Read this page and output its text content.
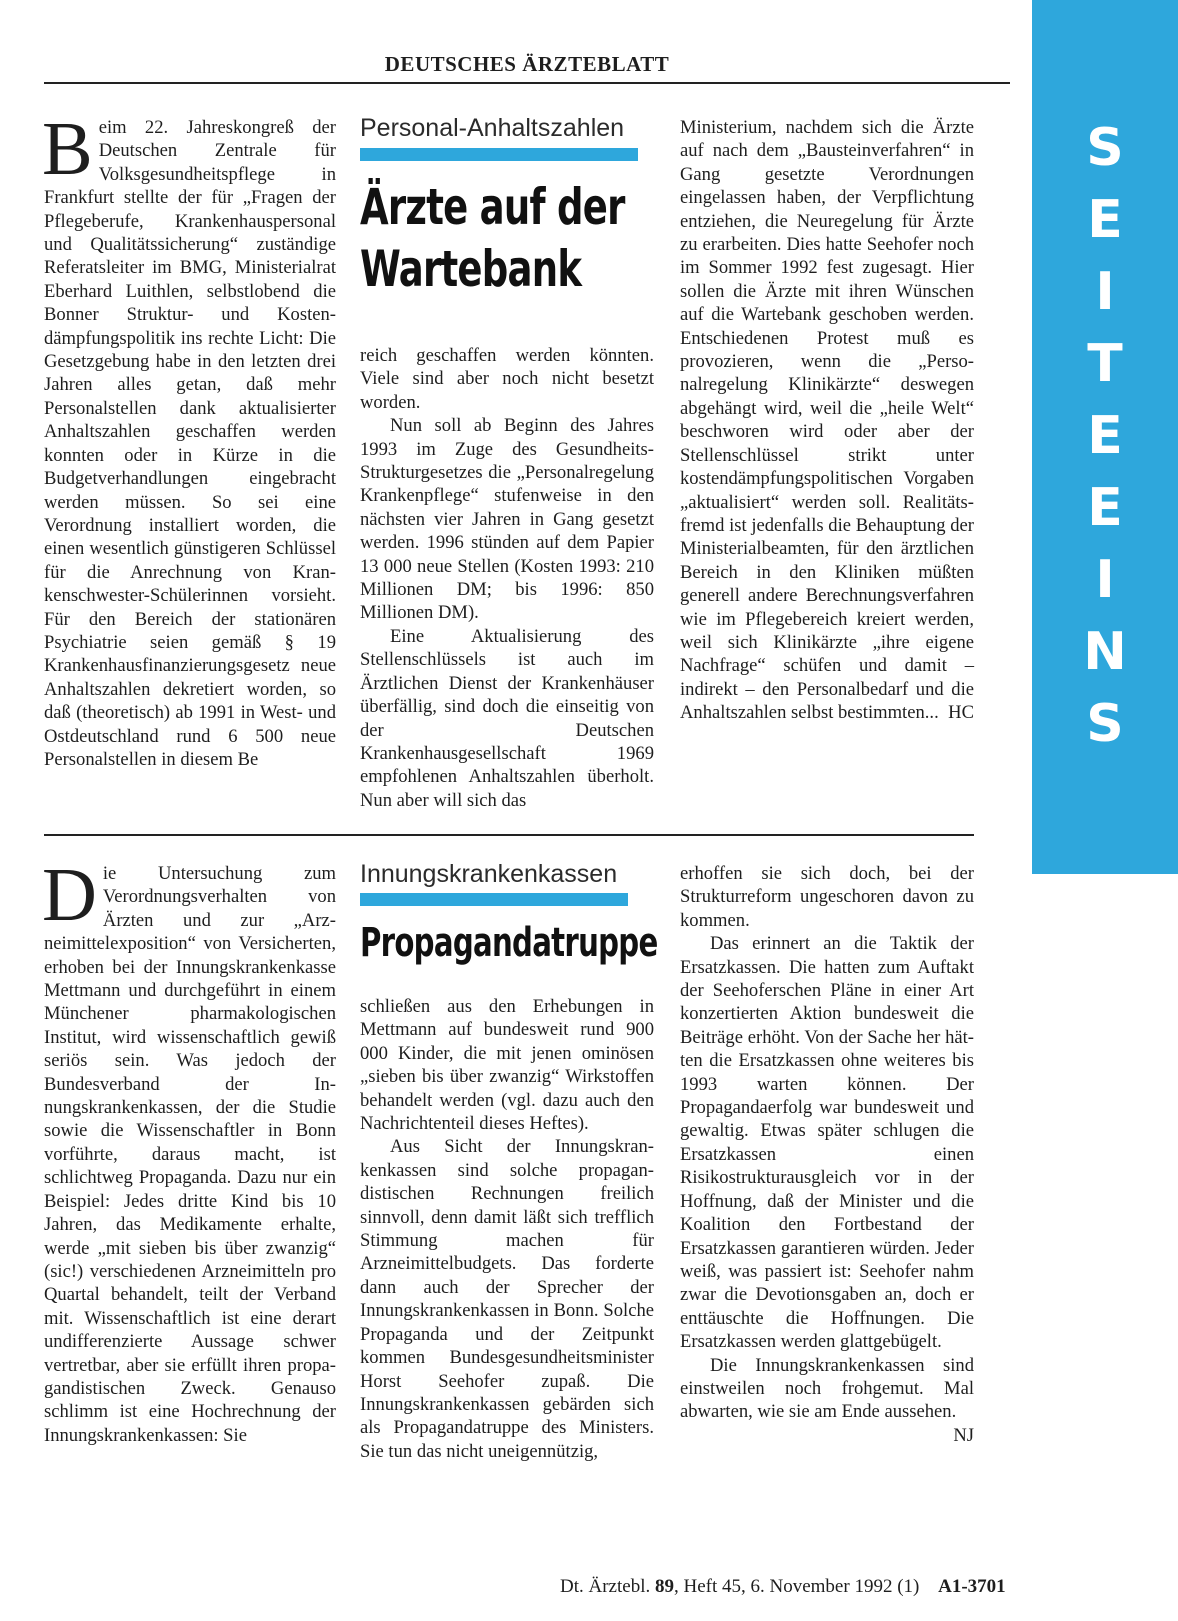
DEUTSCHES ÄRZTEBLATT
S
E
I
T
E
E
I
N
S

Beim 22. Jahreskongreß der Deutschen Zentrale für Volksgesundheitspflege in Frankfurt stellte der für „Fragen der Pflegeberufe, Krankenhauspersonal und Qualitätssicherung“ zuständige Referatsleiter im BMG, Ministerialrat Eberhard Luithlen, selbstlobend die Bonner Struktur- und Kostendämpfungspolitik ins rechte Licht: Die Gesetzgebung habe in den letzten drei Jahren alles getan, daß mehr Personalstellen dank aktualisierter Anhaltszahlen geschaffen werden konnten oder in Kürze in die Budgetverhandlungen eingebracht werden müssen. So sei eine Verordnung installiert worden, die einen wesentlich günstigeren Schlüssel für die Anrechnung von Krankenschwester-Schülerinnen vorsieht. Für den Bereich der stationären Psychiatrie seien gemäß § 19 Krankenhausfinanzierungsgesetz neue Anhaltszahlen dekretiert worden, so daß (theoretisch) ab 1991 in West- und Ostdeutschland rund 6 500 neue Personalstellen in diesem Be

Personal-Anhaltszahlen
Ärzte auf der
Wartebank

reich geschaffen werden könnten. Viele sind aber noch nicht besetzt worden.

Nun soll ab Beginn des Jahres 1993 im Zuge des Gesundheits-Strukturgesetzes die „Personalregelung Krankenpflege“ stufenweise in den nächsten vier Jahren in Gang gesetzt werden. 1996 stünden auf dem Papier 13 000 neue Stellen (Kosten 1993: 210 Millionen DM; bis 1996: 850 Millionen DM).

Eine Aktualisierung des Stellenschlüssels ist auch im Ärztlichen Dienst der Krankenhäuser überfällig, sind doch die einseitig von der Deutschen Krankenhausgesellschaft 1969 empfohlenen Anhaltszahlen überholt. Nun aber will sich das

Ministerium, nachdem sich die Ärzte auf nach dem „Bausteinverfahren“ in Gang gesetzte Verordnungen eingelassen haben, der Verpflichtung entziehen, die Neuregelung für Ärzte zu erarbeiten. Dies hatte Seehofer noch im Sommer 1992 fest zugesagt. Hier sollen die Ärzte mit ihren Wünschen auf die Wartebank geschoben werden. Entschiedenen Protest muß es provozieren, wenn die „Personalregelung Klinikärzte“ deswegen abgehängt wird, weil die „heile Welt“ beschworen wird oder aber der Stellenschlüssel strikt unter kostendämpfungspolitischen Vorgaben „aktualisiert“ werden soll. Realitätsfremd ist jedenfalls die Behauptung der Ministerialbeamten, für den ärztlichen Bereich in den Kliniken müßten generell andere Berechnungsverfahren wie im Pflegebereich kreiert werden, weil sich Klinikärzte „ihre eigene Nachfrage“ schüfen und damit – indirekt – den Personalbedarf und die Anhaltszahlen selbst bestimmten... HC

Die Untersuchung zum Verordnungsverhalten von Ärzten und zur „Arzneimittelexposition“ von Versicherten, erhoben bei der Innungskrankenkasse Mettmann und durchgeführt in einem Münchener pharmakologischen Institut, wird wissenschaftlich gewiß seriös sein. Was jedoch der Bundesverband der Innungskrankenkassen, der die Studie sowie die Wissenschaftler in Bonn vorführte, daraus macht, ist schlichtweg Propaganda. Dazu nur ein Beispiel: Jedes dritte Kind bis 10 Jahren, das Medikamente erhalte, werde „mit sieben bis über zwanzig“ (sic!) verschiedenen Arzneimitteln pro Quartal behandelt, teilt der Verband mit. Wissenschaftlich ist eine derart undifferenzierte Aussage schwer vertretbar, aber sie erfüllt ihren propagandistischen Zweck. Genauso schlimm ist eine Hochrechnung der Innungskrankenkassen: Sie

Innungskrankenkassen
Propagandatruppe

schließen aus den Erhebungen in Mettmann auf bundesweit rund 900 000 Kinder, die mit jenen ominösen „sieben bis über zwanzig“ Wirkstoffen behandelt werden (vgl. dazu auch den Nachrichtenteil dieses Heftes).

Aus Sicht der Innungskrankenkassen sind solche propagandistischen Rechnungen freilich sinnvoll, denn damit läßt sich trefflich Stimmung machen für Arzneimittelbudgets. Das forderte dann auch der Sprecher der Innungskrankenkassen in Bonn. Solche Propaganda und der Zeitpunkt kommen Bundesgesundheitsminister Horst Seehofer zupaß. Die Innungskrankenkassen gebärden sich als Propagandatruppe des Ministers. Sie tun das nicht uneigennützig,

erhoffen sie sich doch, bei der Strukturreform ungeschoren davon zu kommen.

Das erinnert an die Taktik der Ersatzkassen. Die hatten zum Auftakt der Seehoferschen Pläne in einer Art konzertierten Aktion bundesweit die Beiträge erhöht. Von der Sache her hätten die Ersatzkassen ohne weiteres bis 1993 warten können. Der Propagandaerfolg war bundesweit und gewaltig. Etwas später schlugen die Ersatzkassen einen Risikostrukturausgleich vor in der Hoffnung, daß der Minister und die Koalition den Fortbestand der Ersatzkassen garantieren würden. Jeder weiß, was passiert ist: Seehofer nahm zwar die Devotionsgaben an, doch er enttäuschte die Hoffnungen. Die Ersatzkassen werden glattgebügelt.

Die Innungskrankenkassen sind einstweilen noch frohgemut. Mal abwarten, wie sie am Ende aussehen.
NJ

Dt. Ärztebl. 89, Heft 45, 6. November 1992 (1) A1-3701
